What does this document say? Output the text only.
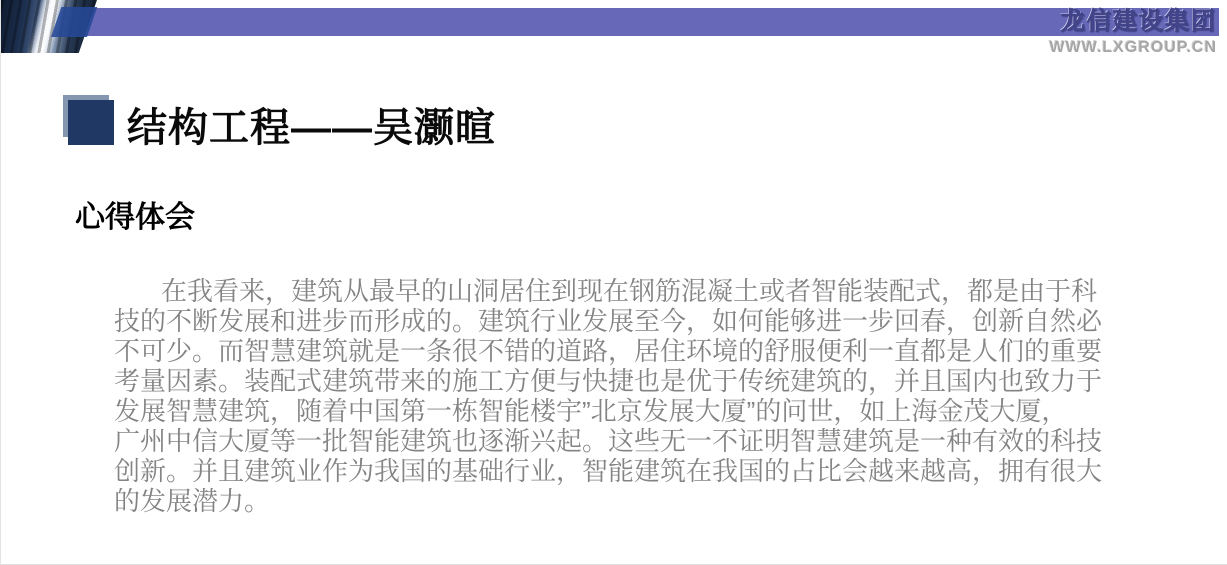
龙信建设集团
WWW.LXGROUP.CN
结构工程——吴灏暄
心得体会
在我看来，建筑从最早的山洞居住到现在钢筋混凝土或者智能装配式，都是由于科
技的不断发展和进步而形成的。建筑行业发展至今，如何能够进一步回春，创新自然必
不可少。而智慧建筑就是一条很不错的道路，居住环境的舒服便利一直都是人们的重要
考量因素。装配式建筑带来的施工方便与快捷也是优于传统建筑的，并且国内也致力于
发展智慧建筑，随着中国第一栋智能楼宇”北京发展大厦”的问世，如上海金茂大厦，
广州中信大厦等一批智能建筑也逐渐兴起。这些无一不证明智慧建筑是一种有效的科技
创新。并且建筑业作为我国的基础行业，智能建筑在我国的占比会越来越高，拥有很大
的发展潜力。
